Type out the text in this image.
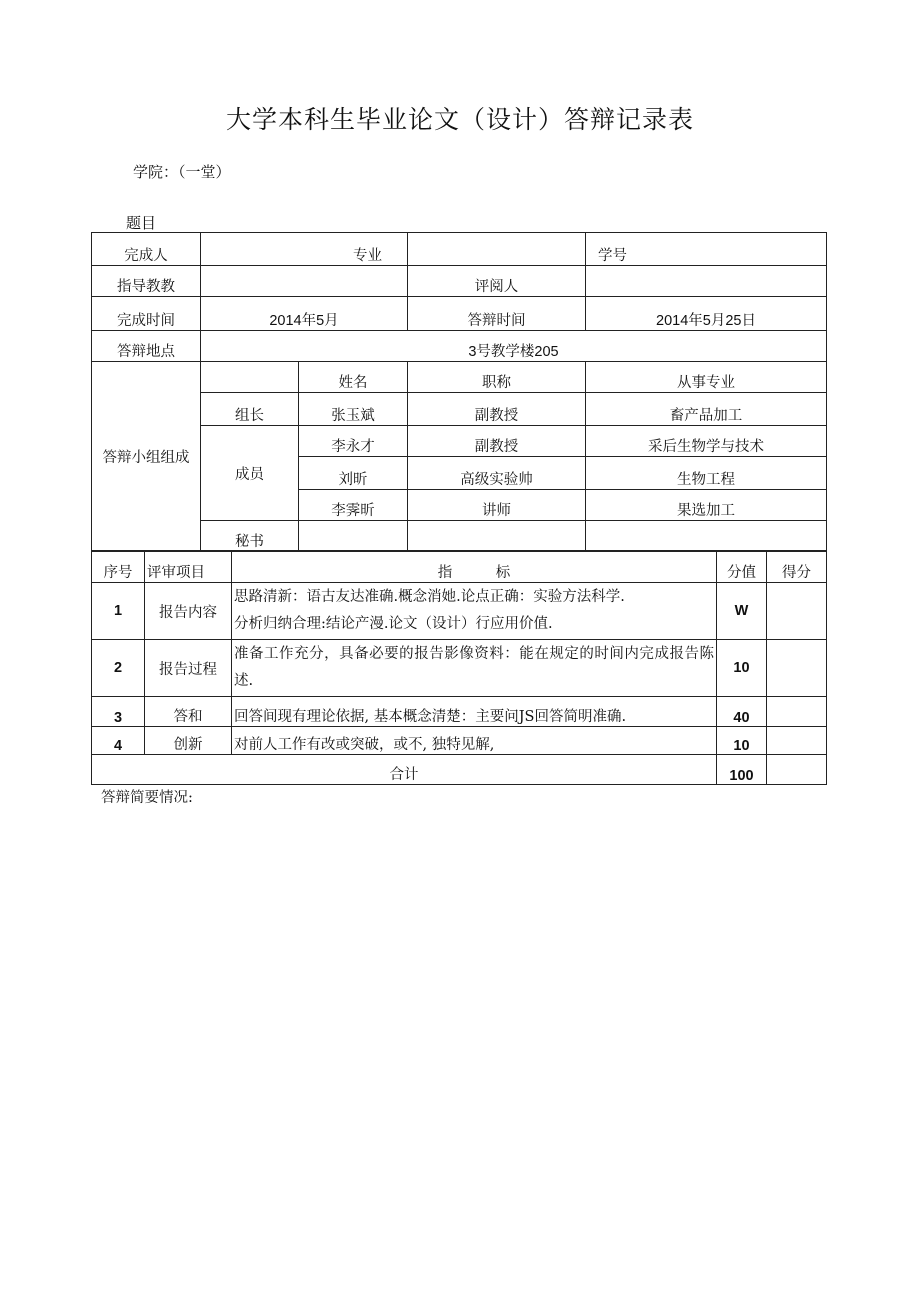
大学本科生毕业论文（设计）答辩记录表
学院：（一堂）
题目
完成人	专业			学号
指导教教			评阅人	
完成时间	2014年5月		答辩时间	2014年5月25日
答辩地点	3号教学楼205			
答辩小组组成		姓名	职称	从事专业
	组长	张玉斌	副教授	畜产品加工
	成员	李永才	副教授	采后生物学与技术
		刘昕	高级实验帅	生物工程
		李霁昕	讲师	果选加工
	秘书			
序号	评审项目	指　　　标	分值	得分
1	报告内容	思路清新：语古友达准确.概念消她.论点正确：实验方法科学.
分析归纳合理:结论产漫.论文（设计）行应用价值.	W	
2	报告过程	准备工作充分，具备必要的报告影像资料：能在规定的时间内完成报告陈述.	10	
3	答和	回答间现有理论依据, 基本概念清楚：主要问JS回答简明准确.	40	
4	创新	对前人工作有改或突破，或不, 独特见解,	10	
合计			100	
答辩简要情况:
